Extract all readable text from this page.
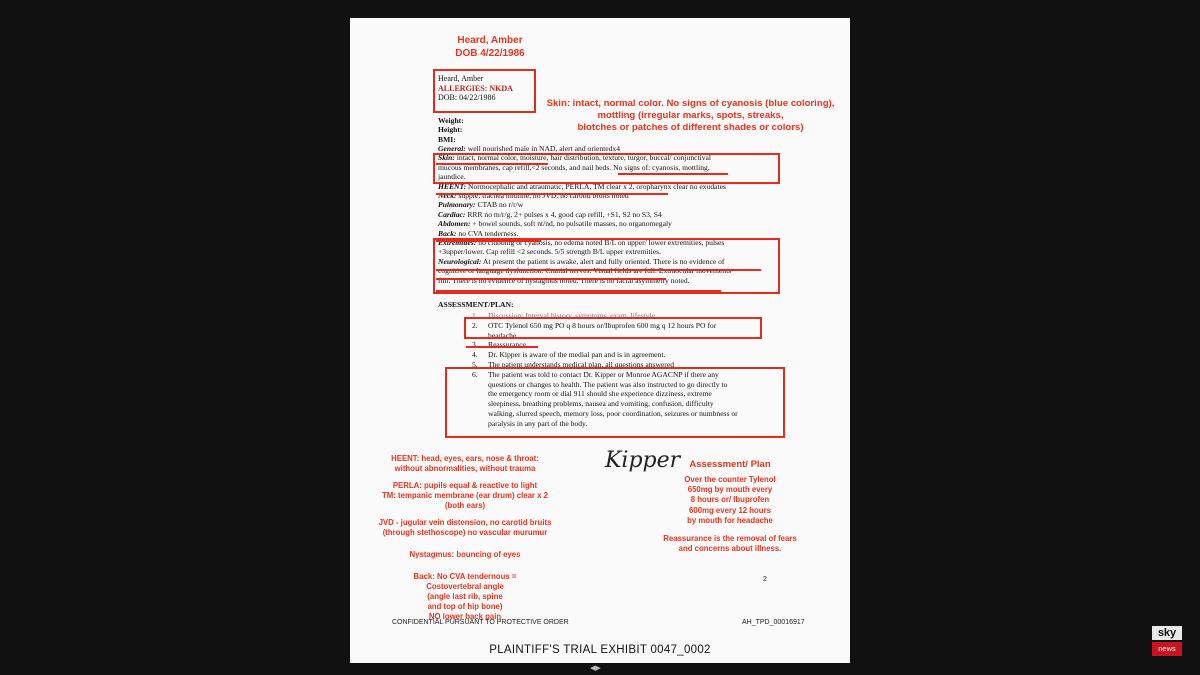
Heard, Amber
DOB 4/22/1986
Heard, Amber
ALLERGIES: NKDA
DOB: 04/22/1986
Skin: intact, normal color. No signs of cyanosis (blue coloring),
mottling (irregular marks, spots, streaks,
blotches or patches of different shades or colors)
Weight:
Height:
BMI:
General: well nourished male in NAD, alert and orientedx4
Skin: intact, normal color, moisture, hair distribution, texture, turgor, buccal/ conjunctival
mucous membranes, cap refill,<2 seconds, and nail beds. No signs of: cyanosis, mottling,
jaundice.
HEENT: Normocephalic and atraumatic, PERLA, TM clear x 2, oropharynx clear no exudates
Neck: supple, trachea midline, no JVD, no carotid bruits noted
Pulmonary: CTAB no r/r/w
Cardiac: RRR no m/r/g, 2+ pulses x 4, good cap refill, +S1, S2 no S3, S4
Abdomen: + bowel sounds, soft nt/nd, no pulsatile masses, no organomegaly
Back: no CVA tenderness.
Extremities: no clubbing or cyanosis, no edema noted B/L on upper/ lower extremities, pulses
+3upper/lower. Cap refill <2 seconds. 5/5 strength B/L upper extremities.
Neurological: At present the patient is awake, alert and fully oriented. There is no evidence of
cognitive or language dysfunction. Cranial nerves: Visual fields are full. Extraocular movements
full. There is no evidence of nystagmus noted. There is no facial asymmetry noted.
ASSESSMENT/PLAN:
1. Discussion: Interval history, symptoms, exam, lifestyle.
2. OTC Tylenol 650 mg PO q 8 hours or/Ibuprofen 600 mg q 12 hours PO for
headache.
3. Reassurance
4. Dr. Kipper is aware of the medial pan and is in agreement.
5. The patient understands medical plan, all questions answered
6. The patient was told to contact Dr. Kipper or Monroe AGACNP if there any
questions or changes to health. The patient was also instructed to go directly to
the emergency room or dial 911 should she experience dizziness, extreme
sleepiness, breathing problems, nausea and vomiting, confusion, difficulty
walking, slurred speech, memory loss, poor coordination, seizures or numbness or
paralysis in any part of the body.
HEENT: head, eyes, ears, nose & throat:
without abnormalities, without trauma
PERLA: pupils equal & reactive to light
TM: tempanic membrane (ear drum) clear x 2 (both ears)
JVD - jugular vein distension, no carotid bruits
(through stethoscope) no vascular murumur
Nystagmus: bouncing of eyes
Back: No CVA tendernous =
Costovertebral angle
(angle last rib, spine
and top of hip bone)
NO lower back pain
Kipper Assessment/ Plan
Over the counter Tylenol
650mg by mouth every
8 hours or/ Ibuprofen
600mg every 12 hours
by mouth for headache
Reassurance is the removal of fears
and concerns about illness.
2
CONFIDENTIAL PURSUANT TO PROTECTIVE ORDER	AH_TPD_00016917
PLAINTIFF'S TRIAL EXHIBIT 0047_0002
◀▶
sky
news
